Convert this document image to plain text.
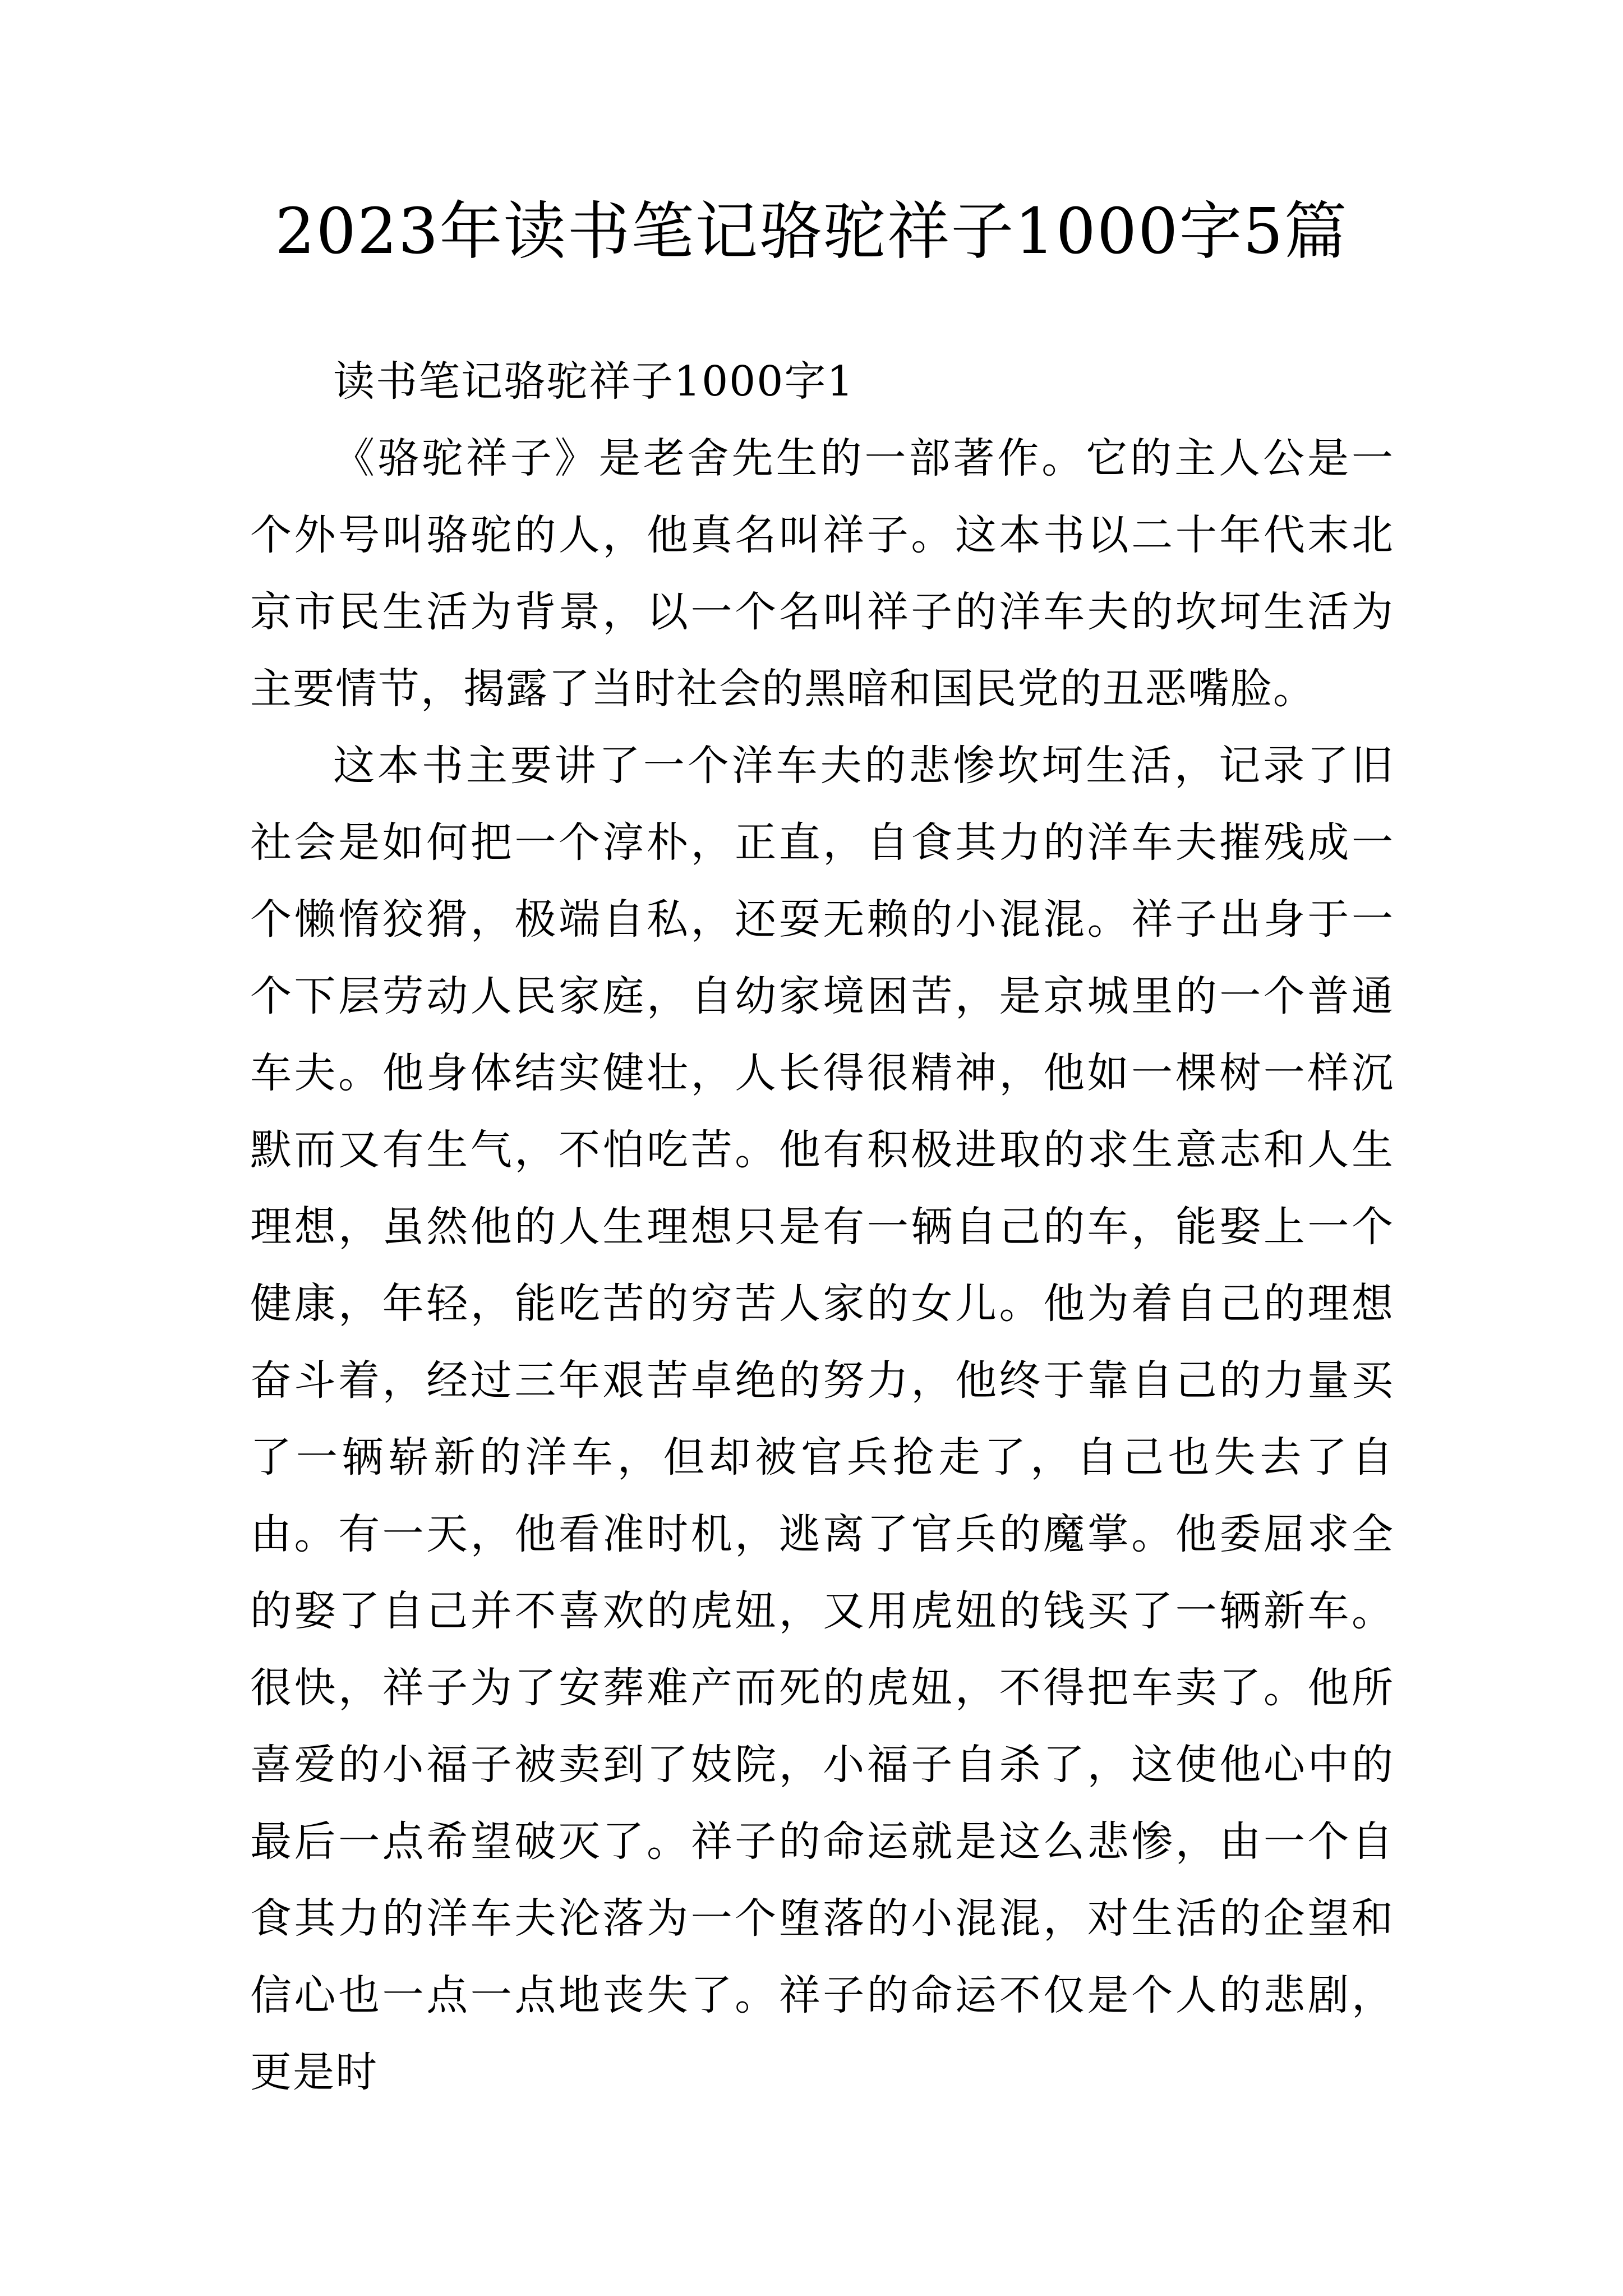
2023年读书笔记骆驼祥子1000字5篇

读书笔记骆驼祥子1000字1

《骆驼祥子》是老舍先生的一部著作。它的主人公是一个外号叫骆驼的人，他真名叫祥子。这本书以二十年代末北京市民生活为背景，以一个名叫祥子的洋车夫的坎坷生活为主要情节，揭露了当时社会的黑暗和国民党的丑恶嘴脸。

这本书主要讲了一个洋车夫的悲惨坎坷生活，记录了旧社会是如何把一个淳朴，正直，自食其力的洋车夫摧残成一个懒惰狡猾，极端自私，还耍无赖的小混混。祥子出身于一个下层劳动人民家庭，自幼家境困苦，是京城里的一个普通车夫。他身体结实健壮，人长得很精神，他如一棵树一样沉默而又有生气，不怕吃苦。他有积极进取的求生意志和人生理想，虽然他的人生理想只是有一辆自己的车，能娶上一个健康，年轻，能吃苦的穷苦人家的女儿。他为着自己的理想奋斗着，经过三年艰苦卓绝的努力，他终于靠自己的力量买了一辆崭新的洋车，但却被官兵抢走了，自己也失去了自由。有一天，他看准时机，逃离了官兵的魔掌。他委屈求全的娶了自己并不喜欢的虎妞，又用虎妞的钱买了一辆新车。很快，祥子为了安葬难产而死的虎妞，不得把车卖了。他所喜爱的小福子被卖到了妓院，小福子自杀了，这使他心中的最后一点希望破灭了。祥子的命运就是这么悲惨，由一个自食其力的洋车夫沦落为一个堕落的小混混，对生活的企望和信心也一点一点地丧失了。祥子的命运不仅是个人的悲剧，更是时
